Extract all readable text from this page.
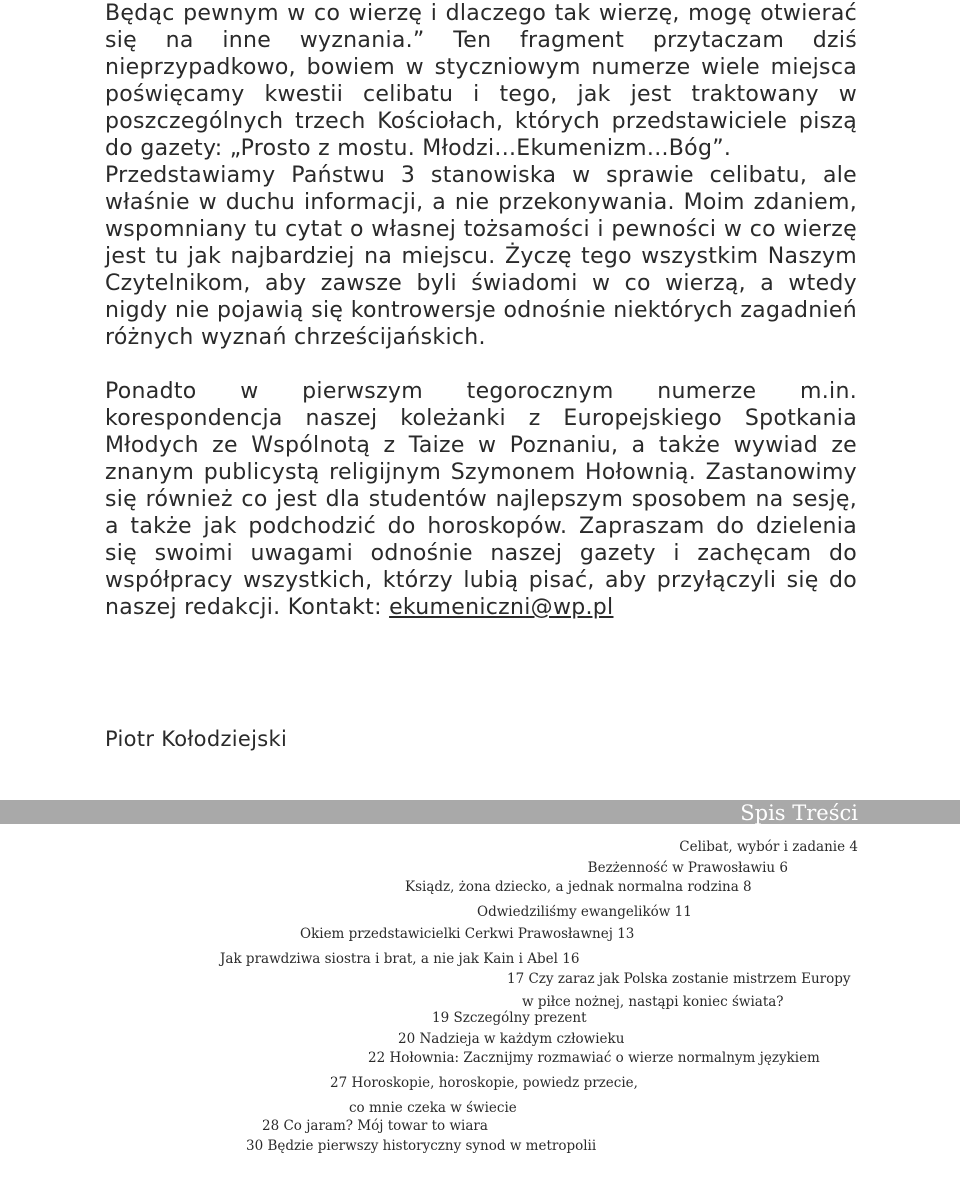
Będąc pewnym w co wierzę i dlaczego tak wierzę, mogę otwierać się na inne wyznania.” Ten fragment przytaczam dziś nieprzypadkowo, bowiem w styczniowym numerze wiele miejsca poświęcamy kwestii celibatu i tego, jak jest traktowany w poszczególnych trzech Kościołach, których przedstawiciele piszą do gazety: „Prosto z mostu. Młodzi...Ekumenizm...Bóg”.

Przedstawiamy Państwu 3 stanowiska w sprawie celibatu, ale właśnie w duchu informacji, a nie przekonywania. Moim zdaniem, wspomniany tu cytat o własnej tożsamości i pewności w co wierzę jest tu jak najbardziej na miejscu. Życzę tego wszystkim Naszym Czytelnikom, aby zawsze byli świadomi w co wierzą, a wtedy nigdy nie pojawią się kontrowersje odnośnie niektórych zagadnień różnych wyznań chrześcijańskich.

Ponadto w pierwszym tegorocznym numerze m.in. korespondencja naszej koleżanki z Europejskiego Spotkania Młodych ze Wspólnotą z Taize w Poznaniu, a także wywiad ze znanym publicystą religijnym Szymonem Hołownią. Zastanowimy się również co jest dla studentów najlepszym sposobem na sesję, a także jak podchodzić do horoskopów. Zapraszam do dzielenia się swoimi uwagami odnośnie naszej gazety i zachęcam do współpracy wszystkich, którzy lubią pisać, aby przyłączyli się do naszej redakcji. Kontakt: ekumeniczni@wp.pl

Piotr Kołodziejski
Spis Treści
Celibat, wybór i zadanie 4
Bezżenność w Prawosławiu 6
Ksiądz, żona dziecko, a jednak normalna rodzina 8
Odwiedziliśmy ewangelików 11
Okiem przedstawicielki Cerkwi Prawosławnej 13
Jak prawdziwa siostra i brat, a nie jak Kain i Abel 16
17 Czy zaraz jak Polska zostanie mistrzem Europy
w piłce nożnej, nastąpi koniec świata?
19 Szczególny prezent
20 Nadzieja w każdym człowieku
22 Hołownia: Zacznijmy rozmawiać o wierze normalnym językiem
27 Horoskopie, horoskopie, powiedz przecie,
co mnie czeka w świecie
28 Co jaram? Mój towar to wiara
30 Będzie pierwszy historyczny synod w metropolii
